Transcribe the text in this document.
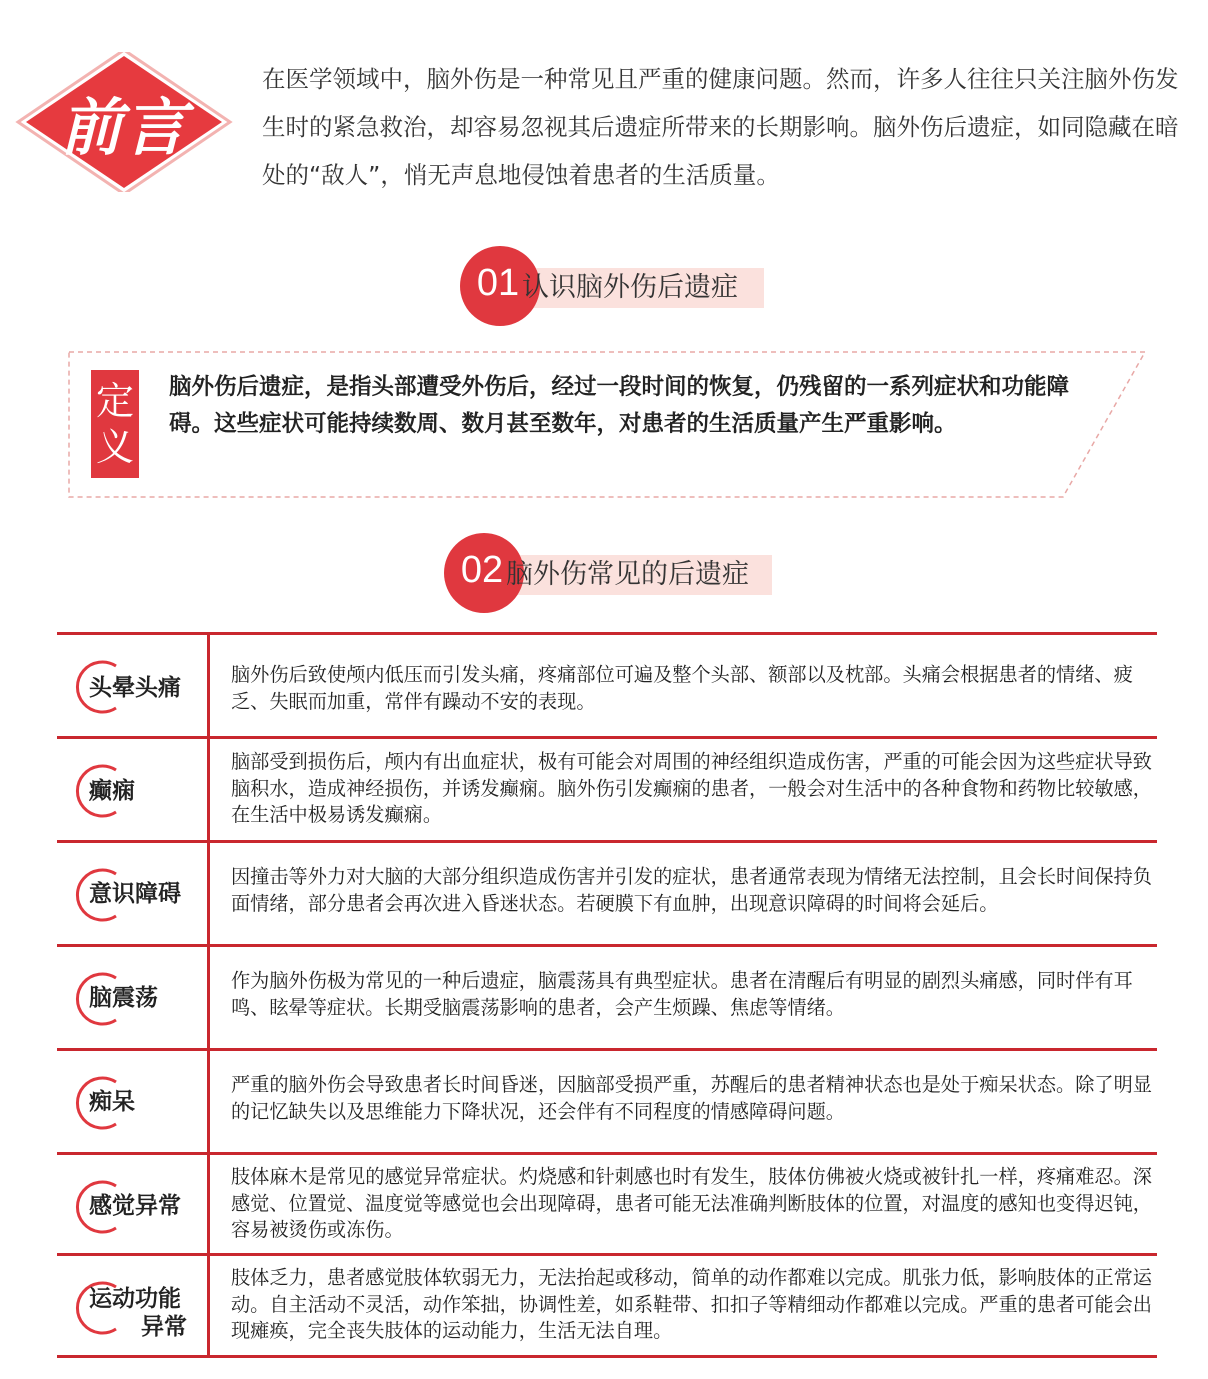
前言

在医学领域中，脑外伤是一种常见且严重的健康问题。然而，许多人往往只关注脑外伤发生时的紧急救治，却容易忽视其后遗症所带来的长期影响。脑外伤后遗症，如同隐藏在暗处的“敌人”，悄无声息地侵蚀着患者的生活质量。

01 认识脑外伤后遗症
定
义

脑外伤后遗症，是指头部遭受外伤后，经过一段时间的恢复，仍残留的一系列症状和功能障碍。这些症状可能持续数周、数月甚至数年，对患者的生活质量产生严重影响。

02 脑外伤常见的后遗症
头晕头痛

脑外伤后致使颅内低压而引发头痛，疼痛部位可遍及整个头部、额部以及枕部。头痛会根据患者的情绪、疲乏、失眠而加重，常伴有躁动不安的表现。

癫痫

脑部受到损伤后，颅内有出血症状，极有可能会对周围的神经组织造成伤害，严重的可能会因为这些症状导致脑积水，造成神经损伤，并诱发癫痫。脑外伤引发癫痫的患者，一般会对生活中的各种食物和药物比较敏感，在生活中极易诱发癫痫。

意识障碍

因撞击等外力对大脑的大部分组织造成伤害并引发的症状，患者通常表现为情绪无法控制，且会长时间保持负面情绪，部分患者会再次进入昏迷状态。若硬膜下有血肿，出现意识障碍的时间将会延后。

脑震荡

作为脑外伤极为常见的一种后遗症，脑震荡具有典型症状。患者在清醒后有明显的剧烈头痛感，同时伴有耳鸣、眩晕等症状。长期受脑震荡影响的患者，会产生烦躁、焦虑等情绪。

痴呆

严重的脑外伤会导致患者长时间昏迷，因脑部受损严重，苏醒后的患者精神状态也是处于痴呆状态。除了明显的记忆缺失以及思维能力下降状况，还会伴有不同程度的情感障碍问题。

感觉异常

肢体麻木是常见的感觉异常症状。灼烧感和针刺感也时有发生，肢体仿佛被火烧或被针扎一样，疼痛难忍。深感觉、位置觉、温度觉等感觉也会出现障碍，患者可能无法准确判断肢体的位置，对温度的感知也变得迟钝，容易被烫伤或冻伤。

运动功能
异常

肢体乏力，患者感觉肢体软弱无力，无法抬起或移动，简单的动作都难以完成。肌张力低，影响肢体的正常运动。自主活动不灵活，动作笨拙，协调性差，如系鞋带、扣扣子等精细动作都难以完成。严重的患者可能会出现瘫痪，完全丧失肢体的运动能力，生活无法自理。
